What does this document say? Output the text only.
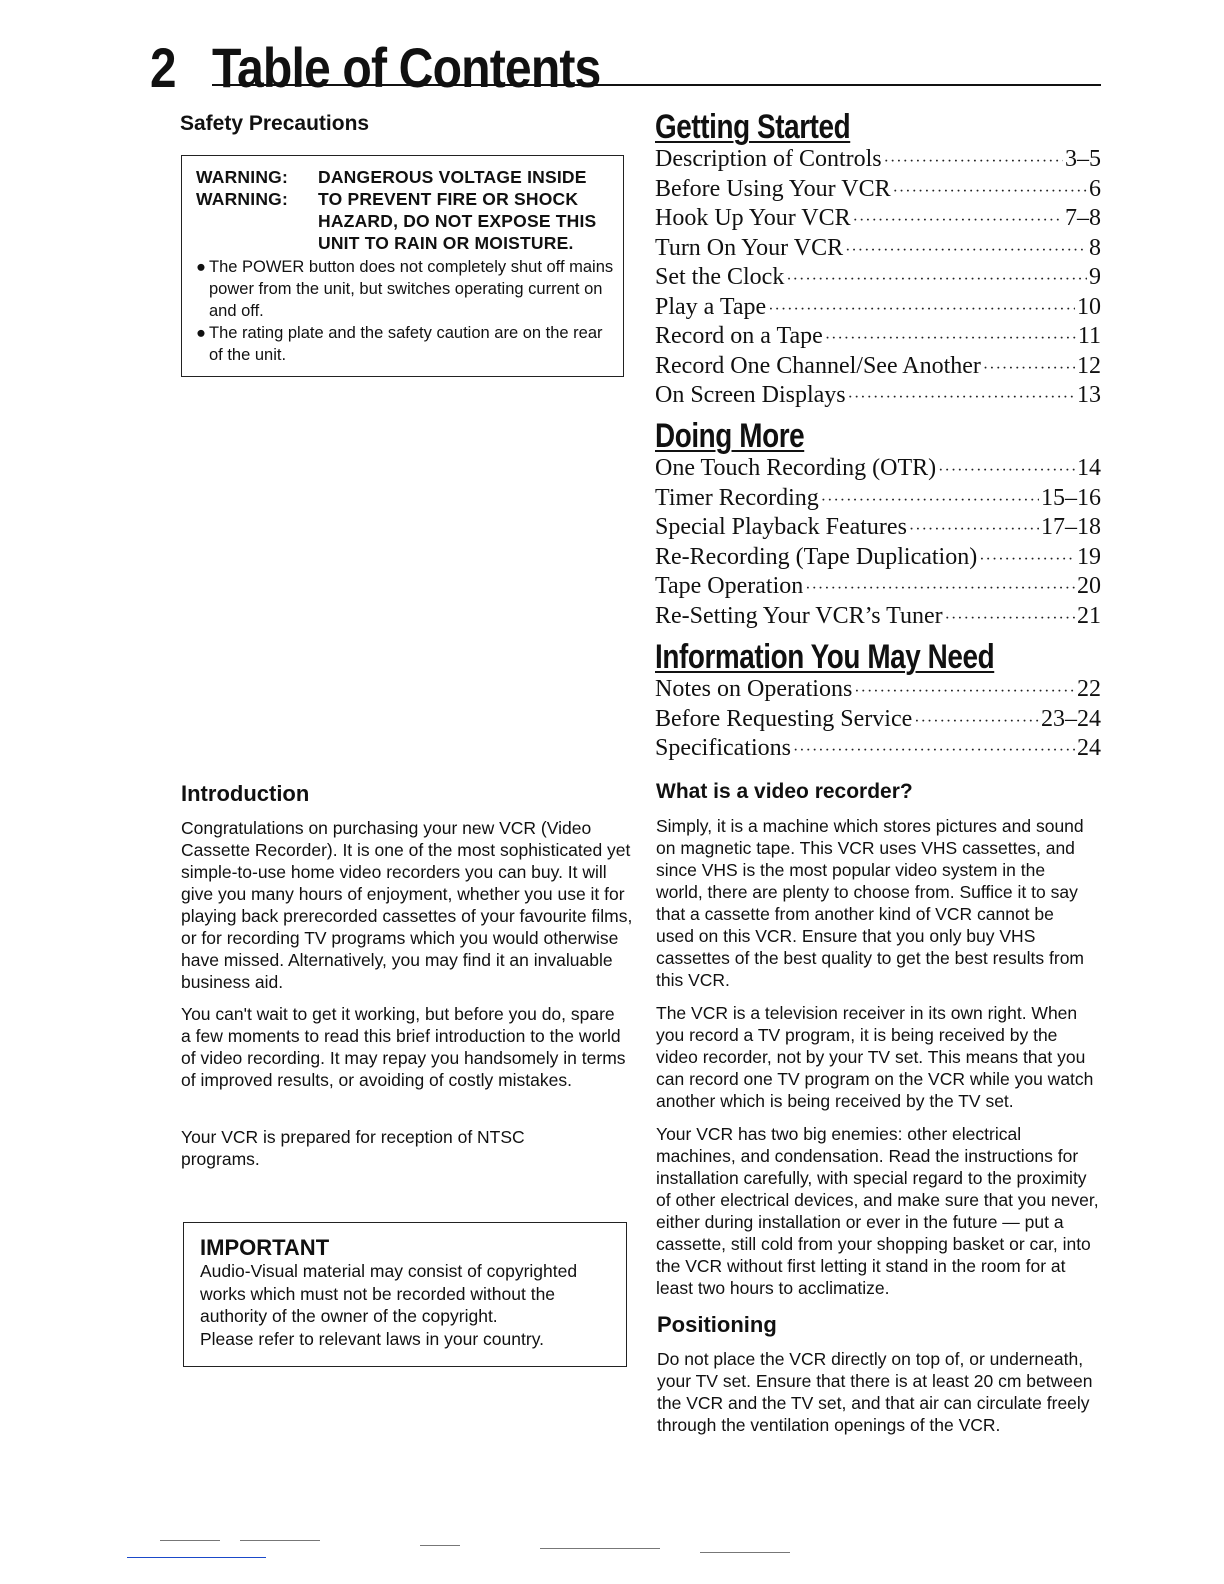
2 Table of Contents
Safety Precautions
WARNING: DANGEROUS VOLTAGE INSIDE
WARNING: TO PREVENT FIRE OR SHOCK
HAZARD, DO NOT EXPOSE THIS
UNIT TO RAIN OR MOISTURE.
● The POWER button does not completely shut off mains power from the unit, but switches operating current on and off.
● The rating plate and the safety caution are on the rear of the unit.
Getting Started
Description of Controls ·····	3–5
Before Using Your VCR ·····	6
Hook Up Your VCR ·····	7–8
Turn On Your VCR ·····	8
Set the Clock ·····	9
Play a Tape ·····	10
Record on a Tape ·····	11
Record One Channel/See Another ·····	12
On Screen Displays ·····	13
Doing More
One Touch Recording (OTR) ·····	14
Timer Recording ·····	15–16
Special Playback Features ·····	17–18
Re-Recording (Tape Duplication) ·····	19
Tape Operation ·····	20
Re-Setting Your VCR’s Tuner ·····	21
Information You May Need
Notes on Operations ·····	22
Before Requesting Service ·····	23–24
Specifications ·····	24
Introduction
Congratulations on purchasing your new VCR (Video Cassette Recorder). It is one of the most sophisticated yet simple-to-use home video recorders you can buy. It will give you many hours of enjoyment, whether you use it for playing back prerecorded cassettes of your favourite films, or for recording TV programs which you would otherwise have missed. Alternatively, you may find it an invaluable business aid.
You can't wait to get it working, but before you do, spare a few moments to read this brief introduction to the world of video recording. It may repay you handsomely in terms of improved results, or avoiding of costly mistakes.
Your VCR is prepared for reception of NTSC programs.
IMPORTANT
Audio-Visual material may consist of copyrighted works which must not be recorded without the authority of the owner of the copyright.
Please refer to relevant laws in your country.
What is a video recorder?
Simply, it is a machine which stores pictures and sound on magnetic tape. This VCR uses VHS cassettes, and since VHS is the most popular video system in the world, there are plenty to choose from. Suffice it to say that a cassette from another kind of VCR cannot be used on this VCR. Ensure that you only buy VHS cassettes of the best quality to get the best results from this VCR.
The VCR is a television receiver in its own right. When you record a TV program, it is being received by the video recorder, not by your TV set. This means that you can record one TV program on the VCR while you watch another which is being received by the TV set.
Your VCR has two big enemies: other electrical machines, and condensation. Read the instructions for installation carefully, with special regard to the proximity of other electrical devices, and make sure that you never, either during installation or ever in the future — put a cassette, still cold from your shopping basket or car, into the VCR without first letting it stand in the room for at least two hours to acclimatize.
Positioning
Do not place the VCR directly on top of, or underneath, your TV set. Ensure that there is at least 20 cm between the VCR and the TV set, and that air can circulate freely through the ventilation openings of the VCR.
